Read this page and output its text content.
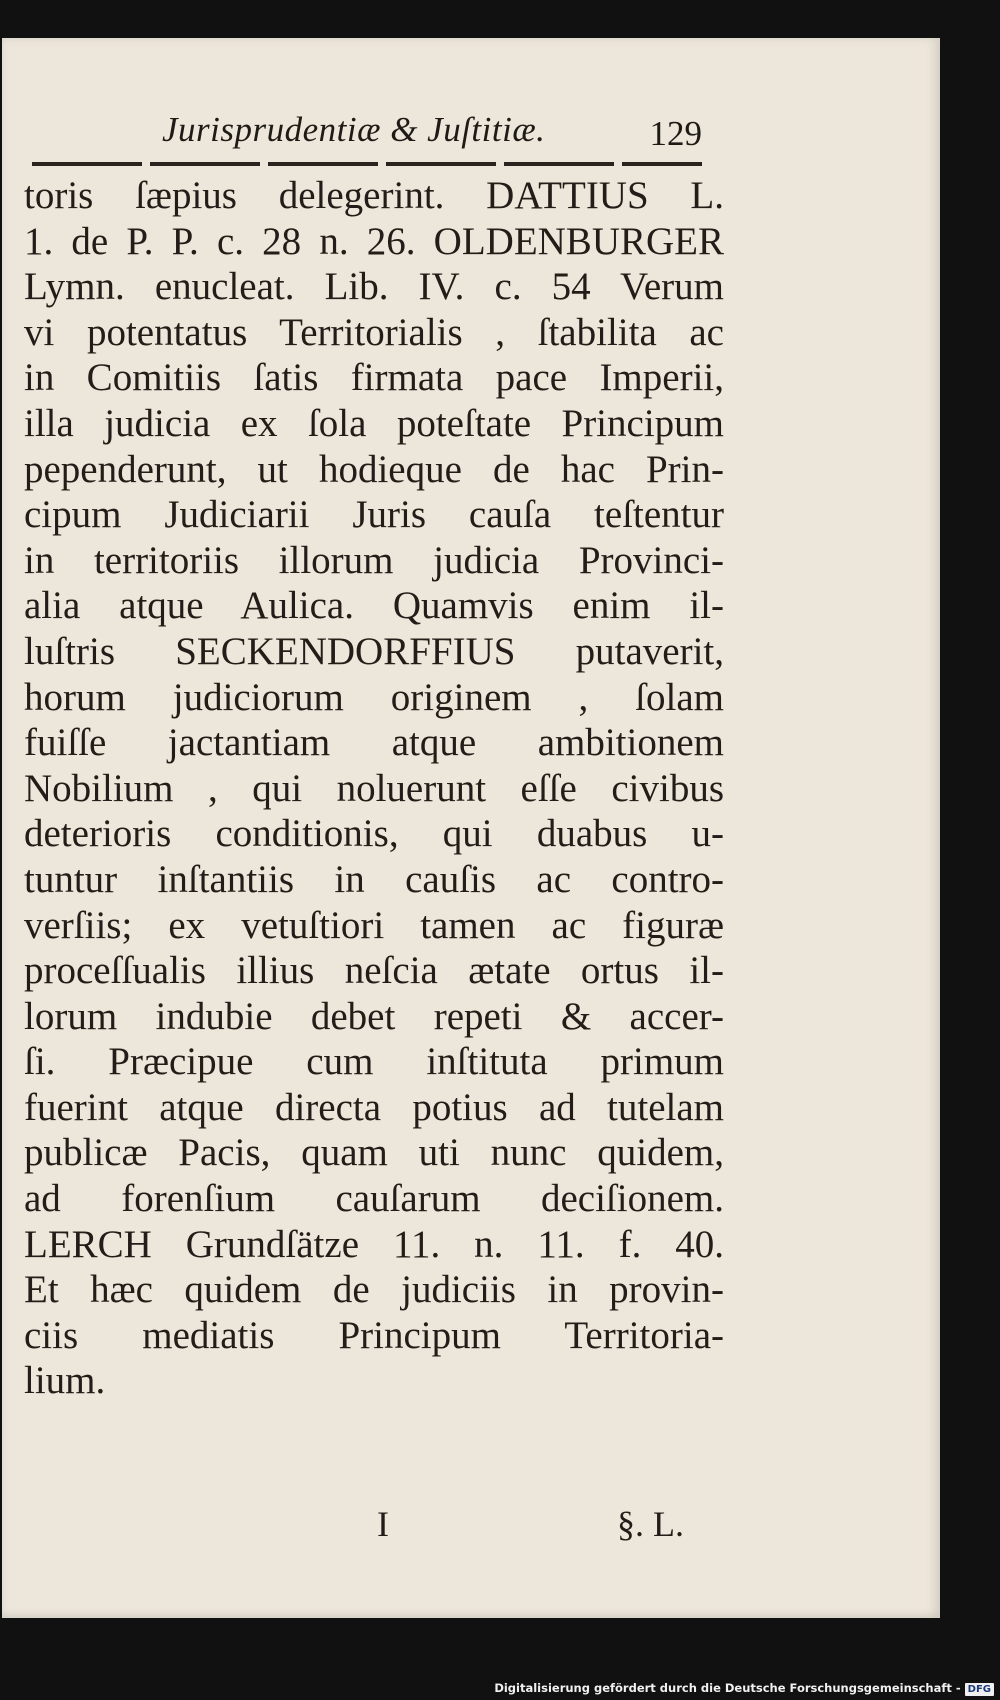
Jurisprudentiæ & Juſtitiæ.	129

toris ſæpius delegerint. DATTIUS L.
1. de P. P. c. 28 n. 26. OLDENBURGER
Lymn. enucleat. Lib. IV. c. 54 Verum
vi potentatus Territorialis , ſtabilita ac
in Comitiis ſatis firmata pace Imperii,
illa judicia ex ſola poteſtate Principum
pependerunt, ut hodieque de hac Prin-
cipum Judiciarii Juris cauſa teſtentur
in territoriis illorum judicia Provinci-
alia atque Aulica. Quamvis enim il-
luſtris SECKENDORFFIUS putaverit,
horum judiciorum originem , ſolam
fuiſſe jactantiam atque ambitionem
Nobilium , qui noluerunt eſſe civibus
deterioris conditionis, qui duabus u-
tuntur inſtantiis in cauſis ac contro-
verſiis; ex vetuſtiori tamen ac figuræ
proceſſualis illius neſcia ætate ortus il-
lorum indubie debet repeti & accer-
ſi. Præcipue cum inſtituta primum
fuerint atque directa potius ad tutelam
publicæ Pacis, quam uti nunc quidem,
ad forenſium cauſarum deciſionem.
LERCH Grundſätze 11. n. 11. f. 40.
Et hæc quidem de judiciis in provin-
ciis mediatis Principum Territoria-
lium.

I	§. L.
Digitalisierung gefördert durch die Deutsche Forschungsgemeinschaft - DFG
